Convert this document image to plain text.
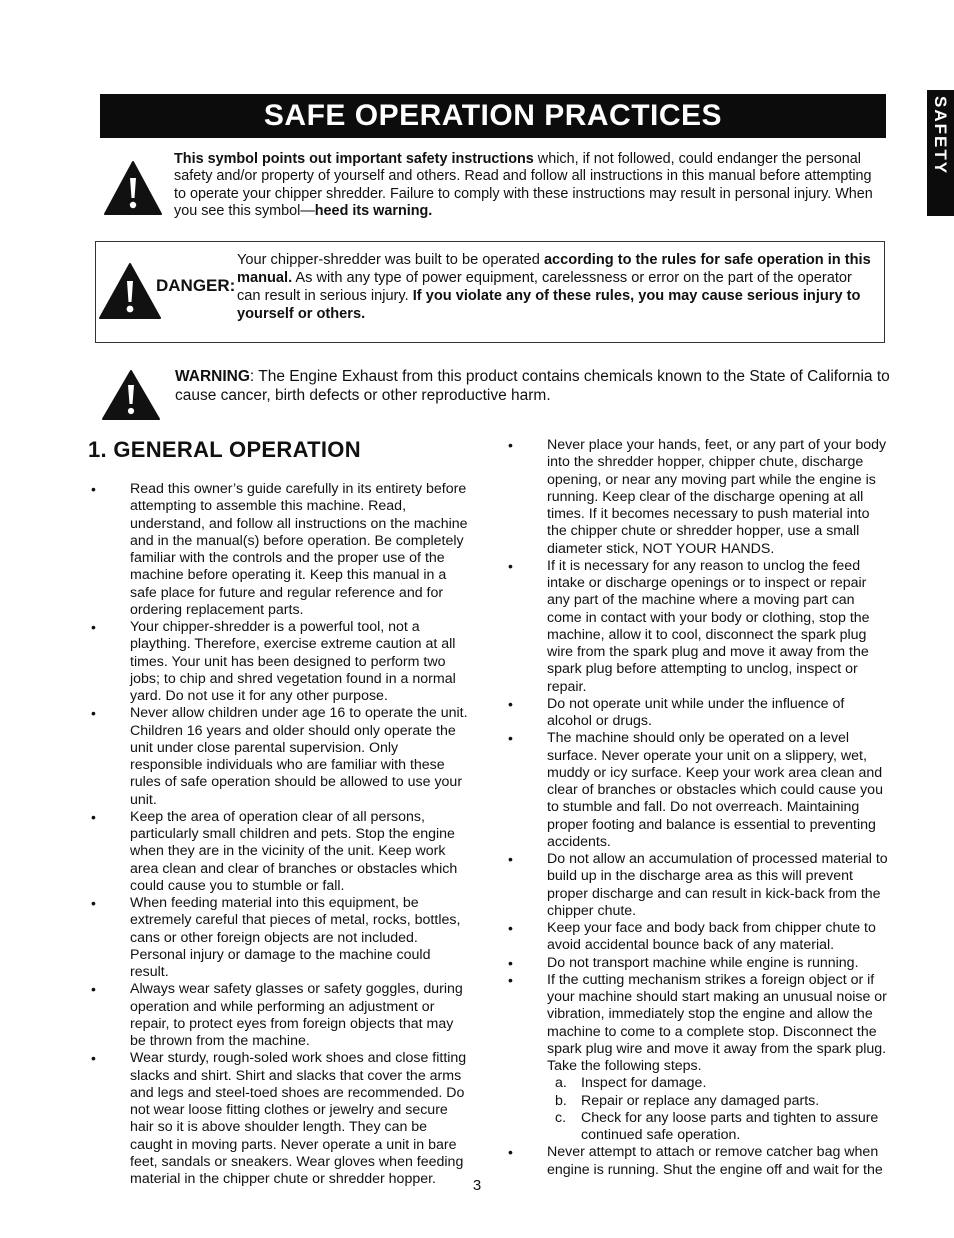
SAFE OPERATION PRACTICES	SAFETY

This symbol points out important safety instructions which, if not followed, could endanger the personal safety and/or property of yourself and others. Read and follow all instructions in this manual before attempting to operate your chipper shredder. Failure to comply with these instructions may result in personal injury. When you see this symbol—heed its warning.

DANGER:

Your chipper-shredder was built to be operated according to the rules for safe operation in this manual. As with any type of power equipment, carelessness or error on the part of the operator can result in serious injury. If you violate any of these rules, you may cause serious injury to yourself or others.

WARNING: The Engine Exhaust from this product contains chemicals known to the State of California to cause cancer, birth defects or other reproductive harm.

1. GENERAL OPERATION
•	Read this owner’s guide carefully in its entirety before attempting to assemble this machine. Read, understand, and follow all instructions on the machine and in the manual(s) before operation. Be completely familiar with the controls and the proper use of the machine before operating it. Keep this manual in a safe place for future and regular reference and for ordering replacement parts.
•	Your chipper-shredder is a powerful tool, not a plaything. Therefore, exercise extreme caution at all times. Your unit has been designed to perform two jobs; to chip and shred vegetation found in a normal yard. Do not use it for any other purpose.
•	Never allow children under age 16 to operate the unit. Children 16 years and older should only operate the unit under close parental supervision. Only responsible individuals who are familiar with these rules of safe operation should be allowed to use your unit.
•	Keep the area of operation clear of all persons, particularly small children and pets. Stop the engine when they are in the vicinity of the unit. Keep work area clean and clear of branches or obstacles which could cause you to stumble or fall.
•	When feeding material into this equipment, be extremely careful that pieces of metal, rocks, bottles, cans or other foreign objects are not included. Personal injury or damage to the machine could result.
•	Always wear safety glasses or safety goggles, during operation and while performing an adjustment or repair, to protect eyes from foreign objects that may be thrown from the machine.
•	Wear sturdy, rough-soled work shoes and close fitting slacks and shirt. Shirt and slacks that cover the arms and legs and steel-toed shoes are recommended. Do not wear loose fitting clothes or jewelry and secure hair so it is above shoulder length. They can be caught in moving parts. Never operate a unit in bare feet, sandals or sneakers. Wear gloves when feeding material in the chipper chute or shredder hopper.
•	Never place your hands, feet, or any part of your body into the shredder hopper, chipper chute, discharge opening, or near any moving part while the engine is running. Keep clear of the discharge opening at all times. If it becomes necessary to push material into the chipper chute or shredder hopper, use a small diameter stick, NOT YOUR HANDS.
•	If it is necessary for any reason to unclog the feed intake or discharge openings or to inspect or repair any part of the machine where a moving part can come in contact with your body or clothing, stop the machine, allow it to cool, disconnect the spark plug wire from the spark plug and move it away from the spark plug before attempting to unclog, inspect or repair.
•	Do not operate unit while under the influence of alcohol or drugs.
•	The machine should only be operated on a level surface. Never operate your unit on a slippery, wet, muddy or icy surface. Keep your work area clean and clear of branches or obstacles which could cause you to stumble and fall. Do not overreach. Maintaining proper footing and balance is essential to preventing accidents.
•	Do not allow an accumulation of processed material to build up in the discharge area as this will prevent proper discharge and can result in kick-back from the chipper chute.
•	Keep your face and body back from chipper chute to avoid accidental bounce back of any material.
•	Do not transport machine while engine is running.
•	If the cutting mechanism strikes a foreign object or if your machine should start making an unusual noise or vibration, immediately stop the engine and allow the machine to come to a complete stop. Disconnect the spark plug wire and move it away from the spark plug. Take the following steps.
a. Inspect for damage.
b. Repair or replace any damaged parts.
c. Check for any loose parts and tighten to assure continued safe operation.
•	Never attempt to attach or remove catcher bag when engine is running. Shut the engine off and wait for the
3
